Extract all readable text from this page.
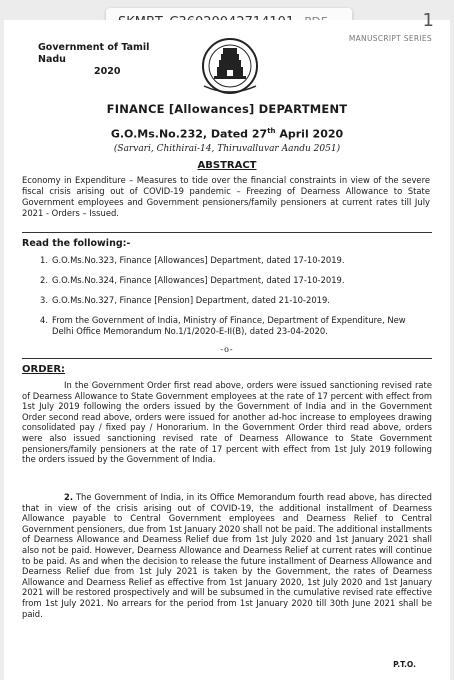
1
MANUSCRIPT SERIES
Government of Tamil Nadu
2020
FINANCE [Allowances] DEPARTMENT
G.O.Ms.No.232, Dated 27th April 2020
(Sarvari, Chithirai-14, Thiruvalluvar Aandu 2051)
ABSTRACT
Economy in Expenditure – Measures to tide over the financial constraints in view of the severe fiscal crisis arising out of COVID-19 pandemic – Freezing of Dearness Allowance to State Government employees and Government pensioners/family pensioners at current rates till July 2021 - Orders – Issued.
Read the following:-
1. G.O.Ms.No.323, Finance [Allowances] Department, dated 17-10-2019.
2. G.O.Ms.No.324, Finance [Allowances] Department, dated 17-10-2019.
3. G.O.Ms.No.327, Finance [Pension] Department, dated 21-10-2019.
4. From the Government of India, Ministry of Finance, Department of Expenditure, New Delhi Office Memorandum No.1/1/2020-E-II(B), dated 23-04-2020.
-o-
ORDER:
In the Government Order first read above, orders were issued sanctioning revised rate of Dearness Allowance to State Government employees at the rate of 17 percent with effect from 1st July 2019 following the orders issued by the Government of India and in the Government Order second read above, orders were issued for another ad-hoc increase to employees drawing consolidated pay / fixed pay / Honorarium. In the Government Order third read above, orders were also issued sanctioning revised rate of Dearness Allowance to State Government pensioners/family pensioners at the rate of 17 percent with effect from 1st July 2019 following the orders issued by the Government of India.
2. The Government of India, in its Office Memorandum fourth read above, has directed that in view of the crisis arising out of COVID-19, the additional installment of Dearness Allowance payable to Central Government employees and Dearness Relief to Central Government pensioners, due from 1st January 2020 shall not be paid. The additional installments of Dearness Allowance and Dearness Relief due from 1st July 2020 and 1st January 2021 shall also not be paid. However, Dearness Allowance and Dearness Relief at current rates will continue to be paid. As and when the decision to release the future installment of Dearness Allowance and Dearness Relief due from 1st July 2021 is taken by the Government, the rates of Dearness Allowance and Dearness Relief as effective from 1st January 2020, 1st July 2020 and 1st January 2021 will be restored prospectively and will be subsumed in the cumulative revised rate effective from 1st July 2021. No arrears for the period from 1st January 2020 till 30th June 2021 shall be paid.
P.T.O.
